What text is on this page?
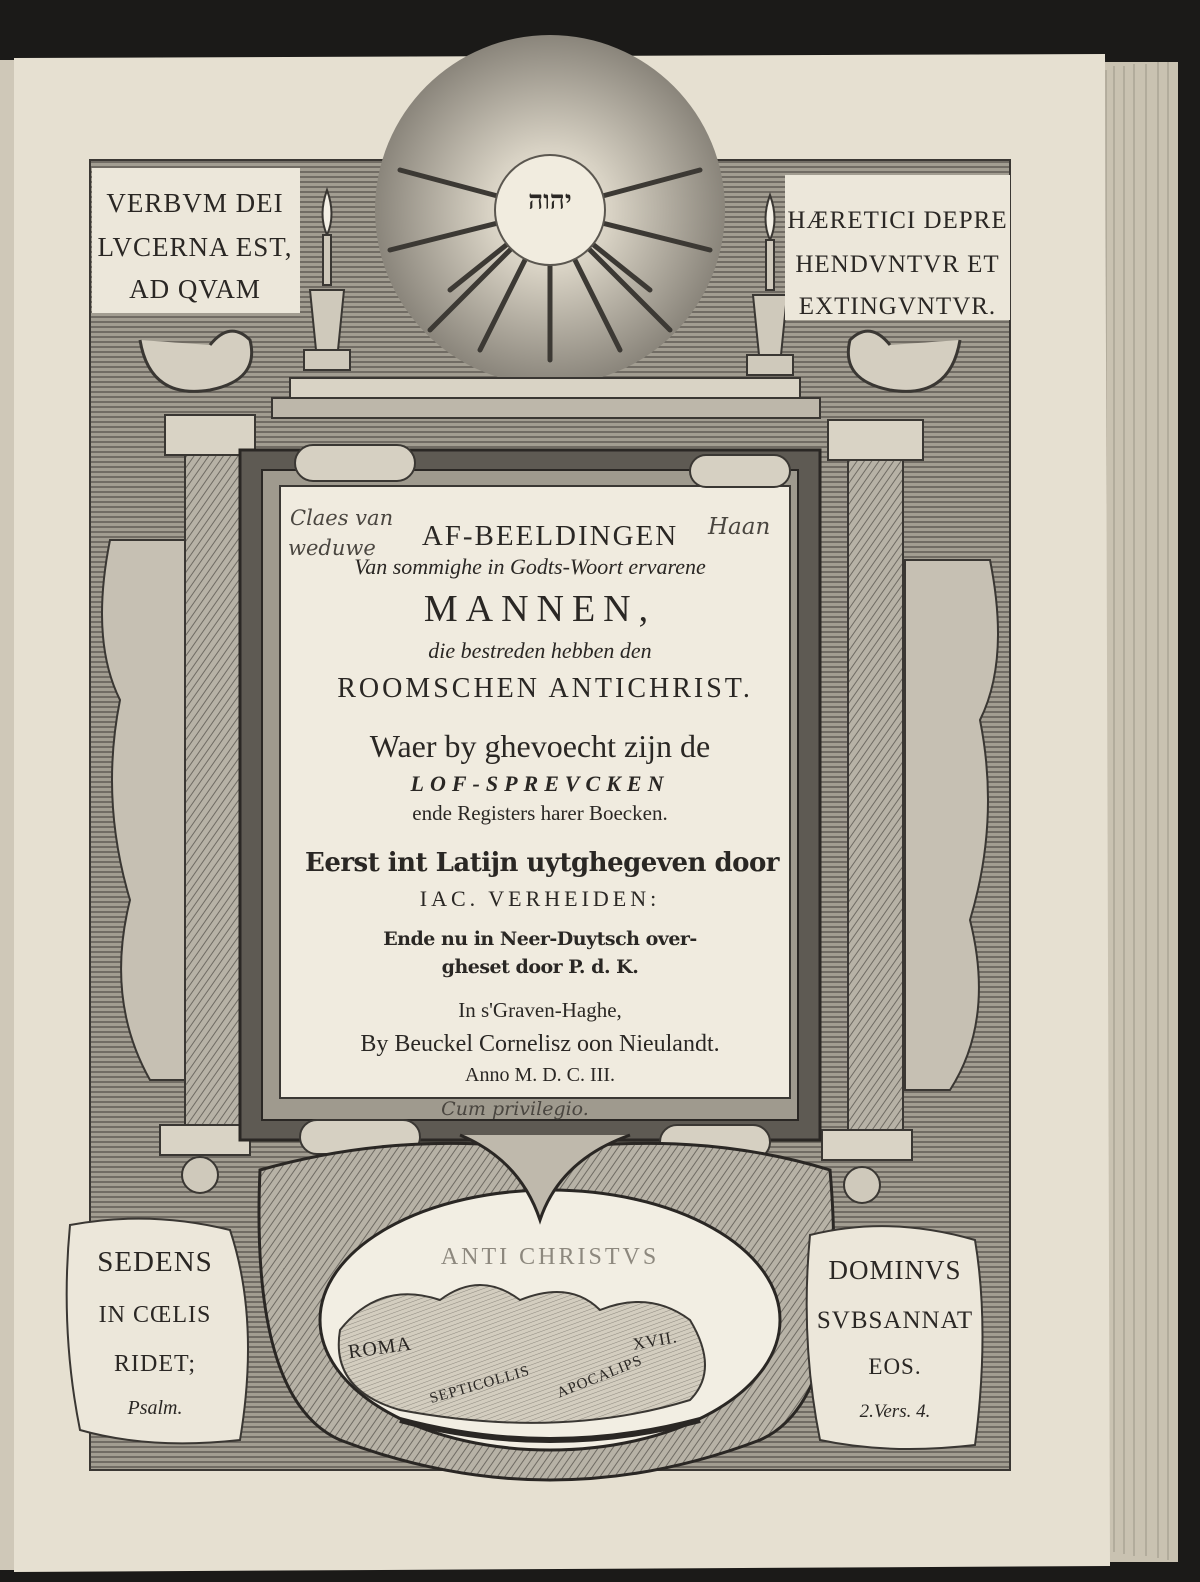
יהוה
VERBVM DEI
LVCERNA EST,
AD QVAM
HÆRETICI DEPRE
HENDVNTVR ET
EXTINGVNTVR.
SEDENS
IN CŒLIS
RIDET;
Psalm.
DOMINVS
SVBSANNAT
EOS.
2.Vers. 4.
Claes van
weduwe
Haan
Cum privilegio.
AF-BEELDINGEN
Van sommighe in Godts-Woort ervarene
MANNEN,
die bestreden hebben den
ROOMSCHEN ANTICHRIST.
Waer by ghevoecht zijn de
LOF-SPREVCKEN
ende Registers harer Boecken.
Eerst int Latijn uytghegeven door
IAC. VERHEIDEN:
Ende nu in Neer-Duytsch over-
gheset door P. d. K.
In s'Graven-Haghe,
By Beuckel Cornelisz oon Nieulandt.
Anno M. D. C. III.
ANTI CHRISTVS
ROMA
SEPTICOLLIS	APOCALIPS
XVII.
